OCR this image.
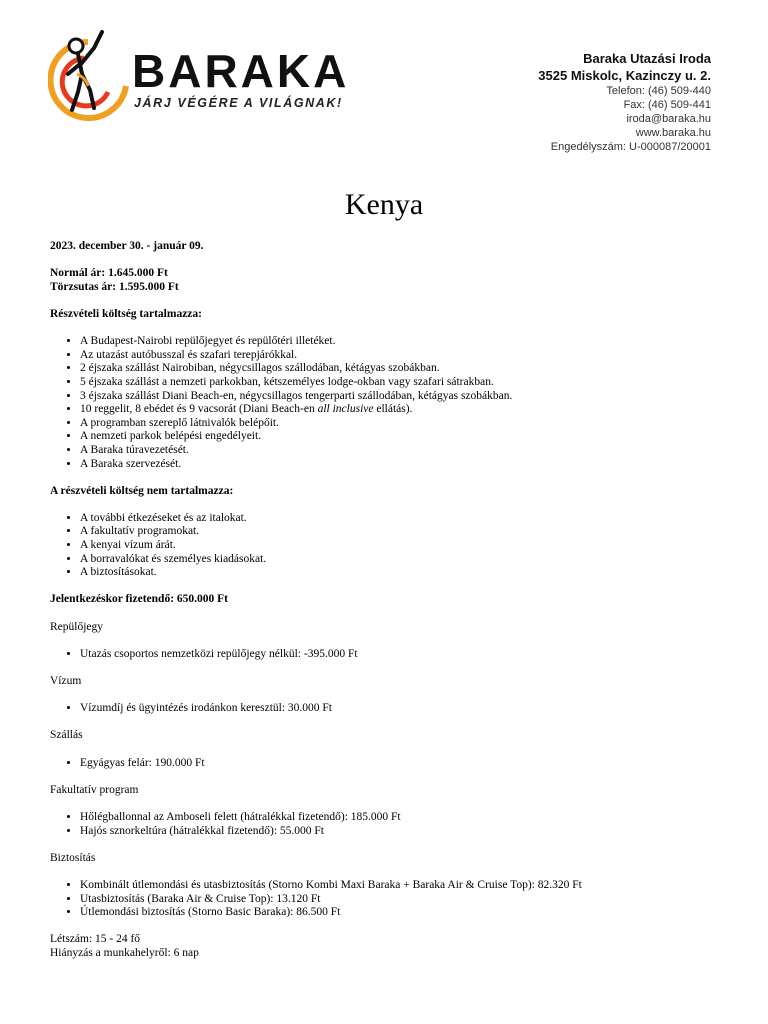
BARAKA
JÁRJ VÉGÉRE A VILÁGNAK!
Baraka Utazási Iroda
3525 Miskolc, Kazinczy u. 2.
Telefon: (46) 509-440
Fax: (46) 509-441
iroda@baraka.hu
www.baraka.hu
Engedélyszám: U-000087/20001
Kenya

2023. december 30. - január 09.

Normál ár: 1.645.000 Ft
Törzsutas ár: 1.595.000 Ft

Részvételi költség tartalmazza:

• A Budapest-Nairobi repülőjegyet és repülőtéri illetéket.
• Az utazást autóbusszal és szafari terepjárókkal.
• 2 éjszaka szállást Nairobiban, négycsillagos szállodában, kétágyas szobákban.
• 5 éjszaka szállást a nemzeti parkokban, kétszemélyes lodge-okban vagy szafari sátrakban.
• 3 éjszaka szállást Diani Beach-en, négycsillagos tengerparti szállodában, kétágyas szobákban.
• 10 reggelit, 8 ebédet és 9 vacsorát (Diani Beach-en all inclusive ellátás).
• A programban szereplő látnivalók belépőit.
• A nemzeti parkok belépési engedélyeit.
• A Baraka túravezetését.
• A Baraka szervezését.

A részvételi költség nem tartalmazza:

• A további étkezéseket és az italokat.
• A fakultatív programokat.
• A kenyai vízum árát.
• A borravalókat és személyes kiadásokat.
• A biztosításokat.

Jelentkezéskor fizetendő: 650.000 Ft

Repülőjegy

• Utazás csoportos nemzetközi repülőjegy nélkül: -395.000 Ft

Vízum

• Vízumdíj és ügyintézés irodánkon keresztül: 30.000 Ft

Szállás

• Egyágyas felár: 190.000 Ft

Fakultatív program

• Hőlégballonnal az Amboseli felett (hátralékkal fizetendő): 185.000 Ft
• Hajós sznorkeltúra (hátralékkal fizetendő): 55.000 Ft

Biztosítás

• Kombinált útlemondási és utasbiztosítás (Storno Kombi Maxi Baraka + Baraka Air & Cruise Top): 82.320 Ft
• Utasbiztosítás (Baraka Air & Cruise Top): 13.120 Ft
• Útlemondási biztosítás (Storno Basic Baraka): 86.500 Ft

Létszám: 15 - 24 fő
Hiányzás a munkahelyről: 6 nap
